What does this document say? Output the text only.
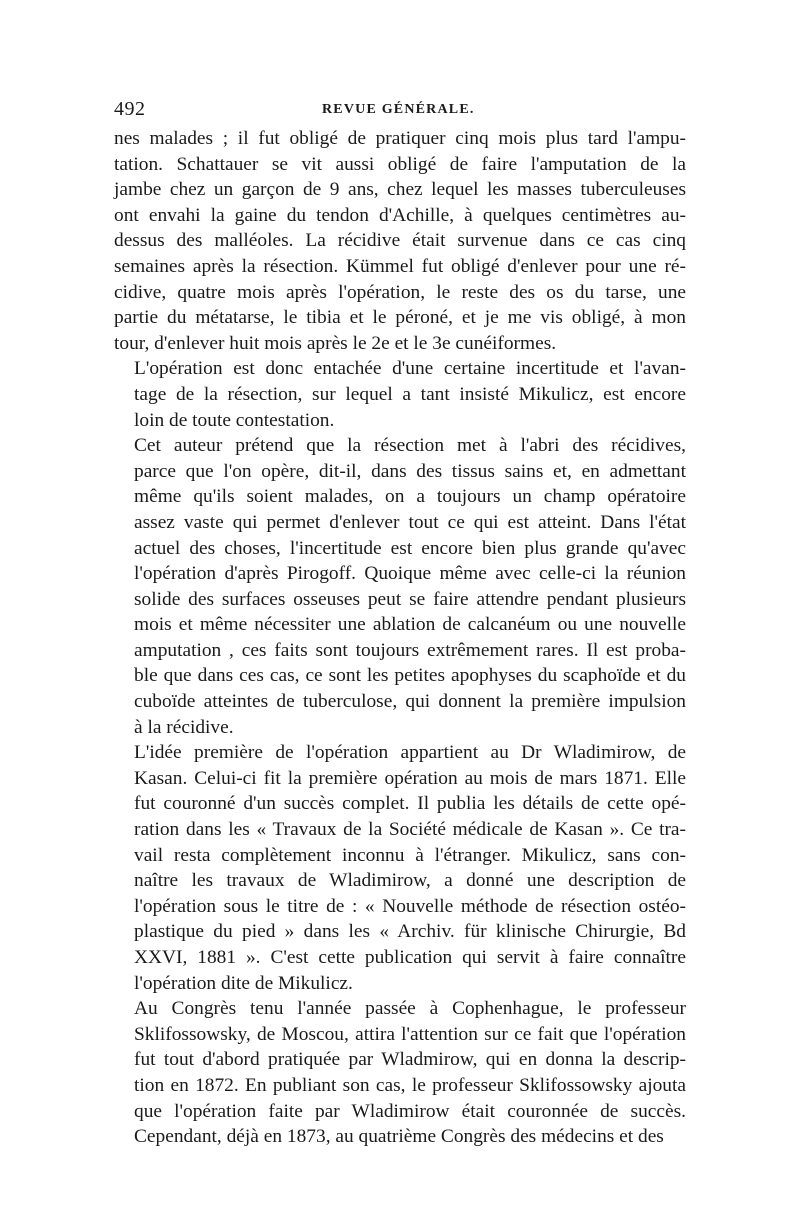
492	REVUE GÉNÉRALE.
nes malades ; il fut obligé de pratiquer cinq mois plus tard l'ampu-
tation. Schattauer se vit aussi obligé de faire l'amputation de la
jambe chez un garçon de 9 ans, chez lequel les masses tuberculeuses
ont envahi la gaine du tendon d'Achille, à quelques centimètres au-
dessus des malléoles. La récidive était survenue dans ce cas cinq
semaines après la résection. Kümmel fut obligé d'enlever pour une ré-
cidive, quatre mois après l'opération, le reste des os du tarse, une
partie du métatarse, le tibia et le péroné, et je me vis obligé, à mon
tour, d'enlever huit mois après le 2e et le 3e cunéiformes.
L'opération est donc entachée d'une certaine incertitude et l'avan-
tage de la résection, sur lequel a tant insisté Mikulicz, est encore
loin de toute contestation.
Cet auteur prétend que la résection met à l'abri des récidives,
parce que l'on opère, dit-il, dans des tissus sains et, en admettant
même qu'ils soient malades, on a toujours un champ opératoire
assez vaste qui permet d'enlever tout ce qui est atteint. Dans l'état
actuel des choses, l'incertitude est encore bien plus grande qu'avec
l'opération d'après Pirogoff. Quoique même avec celle-ci la réunion
solide des surfaces osseuses peut se faire attendre pendant plusieurs
mois et même nécessiter une ablation de calcanéum ou une nouvelle
amputation , ces faits sont toujours extrêmement rares. Il est proba-
ble que dans ces cas, ce sont les petites apophyses du scaphoïde et du
cuboïde atteintes de tuberculose, qui donnent la première impulsion
à la récidive.
L'idée première de l'opération appartient au Dr Wladimirow, de
Kasan. Celui-ci fit la première opération au mois de mars 1871. Elle
fut couronné d'un succès complet. Il publia les détails de cette opé-
ration dans les « Travaux de la Société médicale de Kasan ». Ce tra-
vail resta complètement inconnu à l'étranger. Mikulicz, sans con-
naître les travaux de Wladimirow, a donné une description de
l'opération sous le titre de : « Nouvelle méthode de résection ostéo-
plastique du pied » dans les « Archiv. für klinische Chirurgie, Bd
XXVI, 1881 ». C'est cette publication qui servit à faire connaître
l'opération dite de Mikulicz.
Au Congrès tenu l'année passée à Cophenhague, le professeur
Sklifossowsky, de Moscou, attira l'attention sur ce fait que l'opération
fut tout d'abord pratiquée par Wladmirow, qui en donna la descrip-
tion en 1872. En publiant son cas, le professeur Sklifossowsky ajouta
que l'opération faite par Wladimirow était couronnée de succès.
Cependant, déjà en 1873, au quatrième Congrès des médecins et des
